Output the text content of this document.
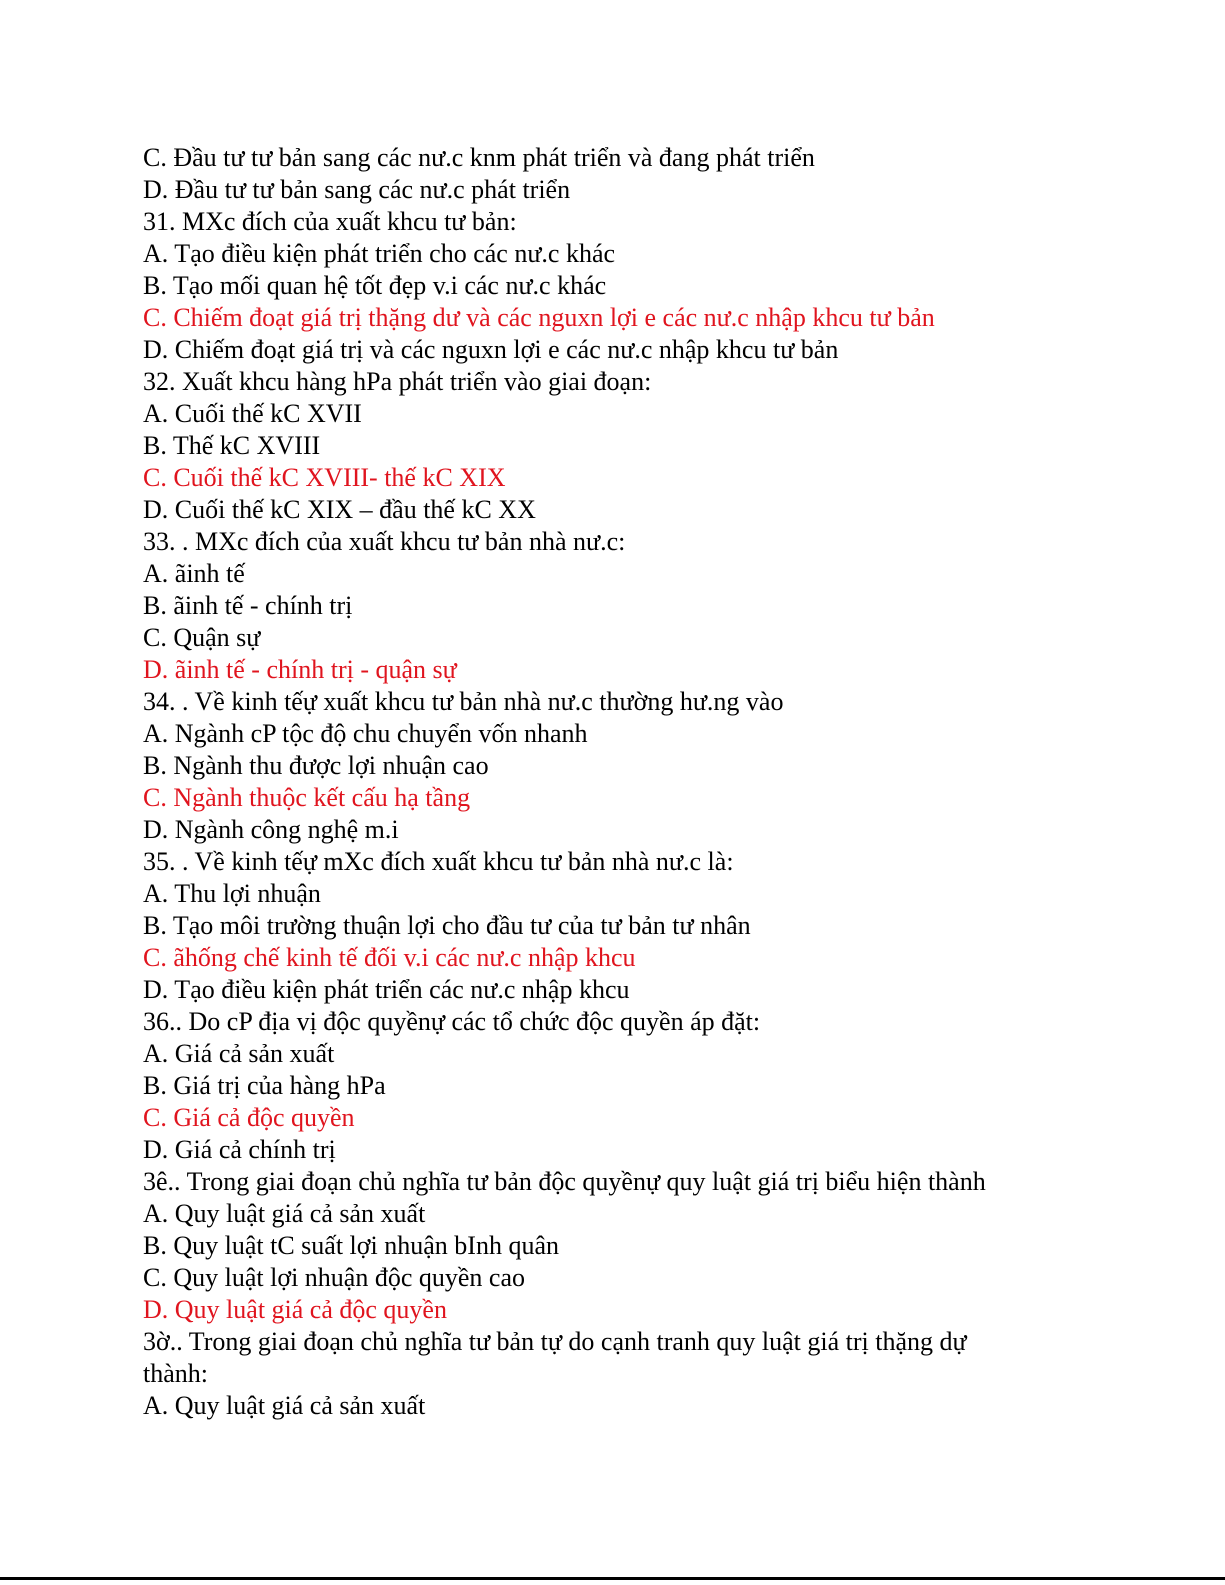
C. Đầu tư tư bản sang các nư.c knm phát triển và đang phát triển
D. Đầu tư tư bản sang các nư.c phát triển
31. MXc đích của xuất khcu tư bản:
A. Tạo điều kiện phát triển cho các nư.c khác
B. Tạo mối quan hệ tốt đẹp v.i các nư.c khác
C. Chiếm đoạt giá trị thặng dư và các nguxn lợi e các nư.c nhập khcu tư bản
D. Chiếm đoạt giá trị và các nguxn lợi e các nư.c nhập khcu tư bản
32. Xuất khcu hàng hPa phát triển vào giai đoạn:
A. Cuối thế kC XVII
B. Thế kC XVIII
C. Cuối thế kC XVIII- thế kC XIX
D. Cuối thế kC XIX – đầu thế kC XX
33. . MXc đích của xuất khcu tư bản nhà nư.c:
A. ãinh tế
B. ãinh tế - chính trị
C. Quận sự
D. ãinh tế - chính trị - quận sự
34. . Về kinh tếự xuất khcu tư bản nhà nư.c thường hư.ng vào
A. Ngành cP tộc độ chu chuyển vốn nhanh
B. Ngành thu được lợi nhuận cao
C. Ngành thuộc kết cấu hạ tầng
D. Ngành công nghệ m.i
35. . Về kinh tếự mXc đích xuất khcu tư bản nhà nư.c là:
A. Thu lợi nhuận
B. Tạo môi trường thuận lợi cho đầu tư của tư bản tư nhân
C. ãhống chế kinh tế đối v.i các nư.c nhập khcu
D. Tạo điều kiện phát triển các nư.c nhập khcu
36.. Do cP địa vị độc quyềnự các tổ chức độc quyền áp đặt:
A. Giá cả sản xuất
B. Giá trị của hàng hPa
C. Giá cả độc quyền
D. Giá cả chính trị
3ê.. Trong giai đoạn chủ nghĩa tư bản độc quyềnự quy luật giá trị biểu hiện thành
A. Quy luật giá cả sản xuất
B. Quy luật tC suất lợi nhuận bInh quân
C. Quy luật lợi nhuận độc quyền cao
D. Quy luật giá cả độc quyền
3ờ.. Trong giai đoạn chủ nghĩa tư bản tự do cạnh tranh quy luật giá trị thặng dự
thành:
A. Quy luật giá cả sản xuất
